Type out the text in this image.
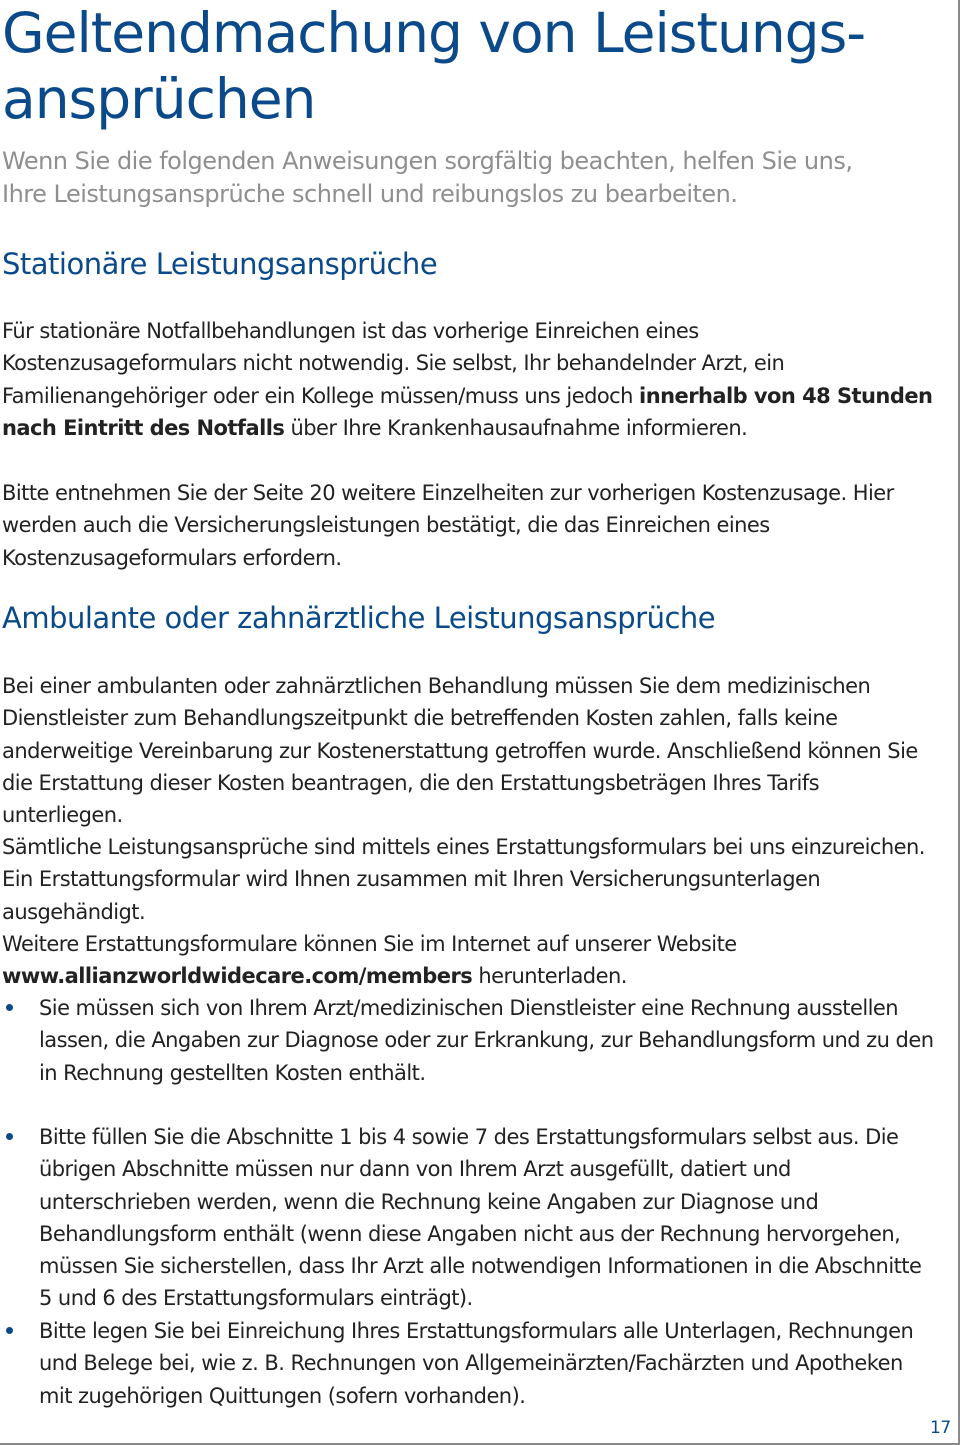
Geltendmachung von Leistungs-
ansprüchen

Wenn Sie die folgenden Anweisungen sorgfältig beachten, helfen Sie uns, Ihre Leistungsansprüche schnell und reibungslos zu bearbeiten.

Stationäre Leistungsansprüche

Für stationäre Notfallbehandlungen ist das vorherige Einreichen eines Kostenzusageformulars nicht notwendig. Sie selbst, Ihr behandelnder Arzt, ein Familienangehöriger oder ein Kollege müssen/muss uns jedoch innerhalb von 48 Stunden nach Eintritt des Notfalls über Ihre Krankenhausaufnahme informieren.

Bitte entnehmen Sie der Seite 20 weitere Einzelheiten zur vorherigen Kostenzusage. Hier werden auch die Versicherungsleistungen bestätigt, die das Einreichen eines Kostenzusageformulars erfordern.

Ambulante oder zahnärztliche Leistungsansprüche

Bei einer ambulanten oder zahnärztlichen Behandlung müssen Sie dem medizinischen Dienstleister zum Behandlungszeitpunkt die betreffenden Kosten zahlen, falls keine anderweitige Vereinbarung zur Kostenerstattung getroffen wurde. Anschließend können Sie die Erstattung dieser Kosten beantragen, die den Erstattungsbeträgen Ihres Tarifs unterliegen.

Sämtliche Leistungsansprüche sind mittels eines Erstattungsformulars bei uns einzureichen.
Ein Erstattungsformular wird Ihnen zusammen mit Ihren Versicherungsunterlagen ausgehändigt.
Weitere Erstattungsformulare können Sie im Internet auf unserer Website
www.allianzworldwidecare.com/members herunterladen.

Sie müssen sich von Ihrem Arzt/medizinischen Dienstleister eine Rechnung ausstellen lassen, die Angaben zur Diagnose oder zur Erkrankung, zur Behandlungsform und zu den in Rechnung gestellten Kosten enthält.

Bitte füllen Sie die Abschnitte 1 bis 4 sowie 7 des Erstattungsformulars selbst aus. Die übrigen Abschnitte müssen nur dann von Ihrem Arzt ausgefüllt, datiert und unterschrieben werden, wenn die Rechnung keine Angaben zur Diagnose und Behandlungsform enthält (wenn diese Angaben nicht aus der Rechnung hervorgehen, müssen Sie sicherstellen, dass Ihr Arzt alle notwendigen Informationen in die Abschnitte 5 und 6 des Erstattungsformulars einträgt).

Bitte legen Sie bei Einreichung Ihres Erstattungsformulars alle Unterlagen, Rechnungen und Belege bei, wie z. B. Rechnungen von Allgemeinärzten/Fachärzten und Apotheken mit zugehörigen Quittungen (sofern vorhanden).

17
